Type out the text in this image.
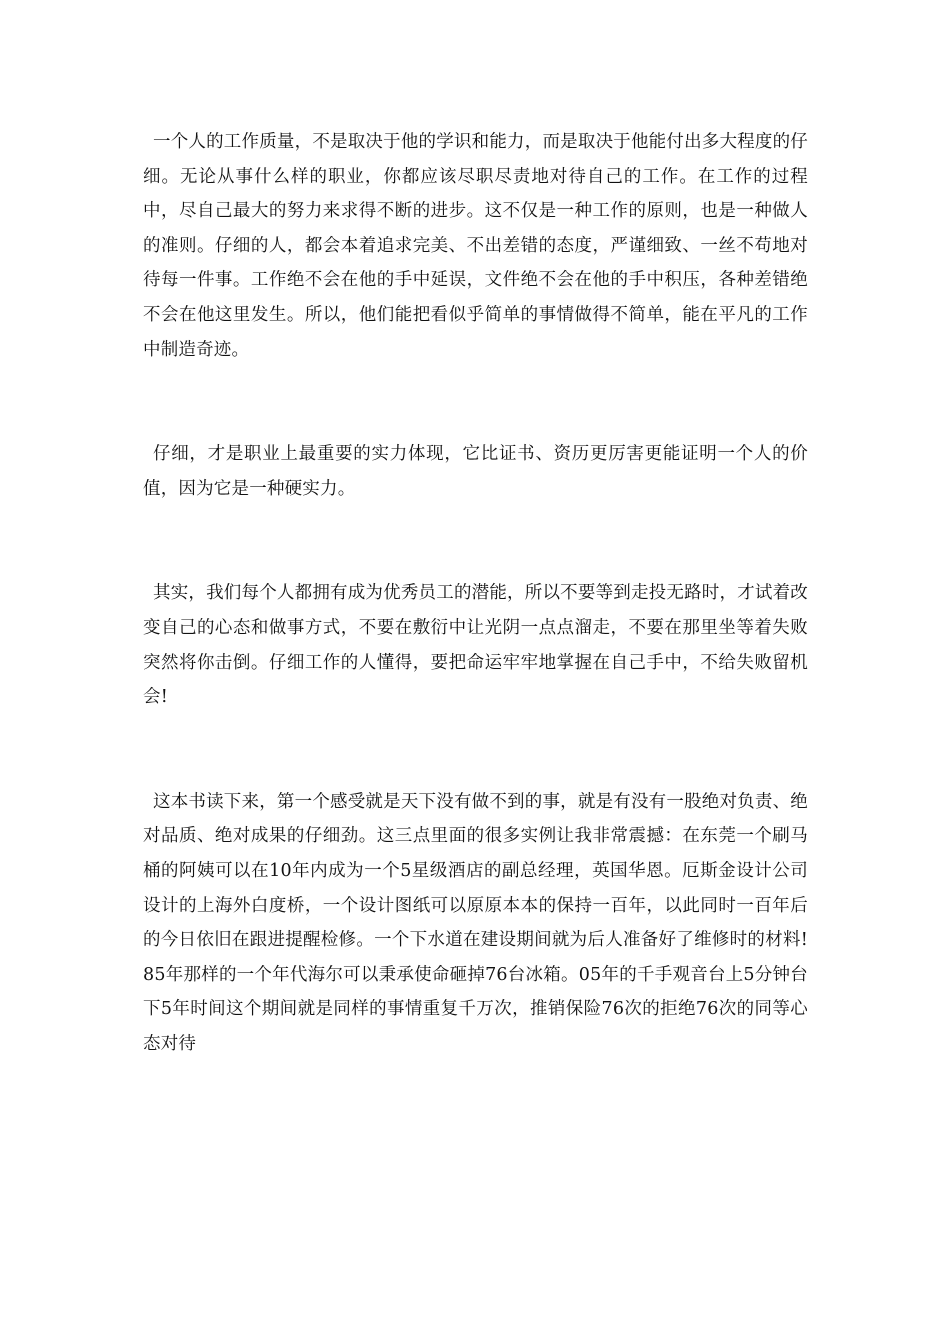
一个人的工作质量，不是取决于他的学识和能力，而是取决于他能付出多大程度的仔细。无论从事什么样的职业，你都应该尽职尽责地对待自己的工作。在工作的过程中，尽自己最大的努力来求得不断的进步。这不仅是一种工作的原则，也是一种做人的准则。仔细的人，都会本着追求完美、不出差错的态度，严谨细致、一丝不苟地对待每一件事。工作绝不会在他的手中延误，文件绝不会在他的手中积压，各种差错绝不会在他这里发生。所以，他们能把看似乎简单的事情做得不简单，能在平凡的工作中制造奇迹。

仔细，才是职业上最重要的实力体现，它比证书、资历更厉害更能证明一个人的价值，因为它是一种硬实力。

其实，我们每个人都拥有成为优秀员工的潜能，所以不要等到走投无路时，才试着改变自己的心态和做事方式，不要在敷衍中让光阴一点点溜走，不要在那里坐等着失败突然将你击倒。仔细工作的人懂得，要把命运牢牢地掌握在自己手中，不给失败留机会!

这本书读下来，第一个感受就是天下没有做不到的事，就是有没有一股绝对负责、绝对品质、绝对成果的仔细劲。这三点里面的很多实例让我非常震撼：在东莞一个刷马桶的阿姨可以在10年内成为一个5星级酒店的副总经理，英国华恩。厄斯金设计公司设计的上海外白度桥，一个设计图纸可以原原本本的保持一百年，以此同时一百年后的今日依旧在跟进提醒检修。一个下水道在建设期间就为后人准备好了维修时的材料!85年那样的一个年代海尔可以秉承使命砸掉76台冰箱。05年的千手观音台上5分钟台下5年时间这个期间就是同样的事情重复千万次，推销保险76次的拒绝76次的同等心态对待
